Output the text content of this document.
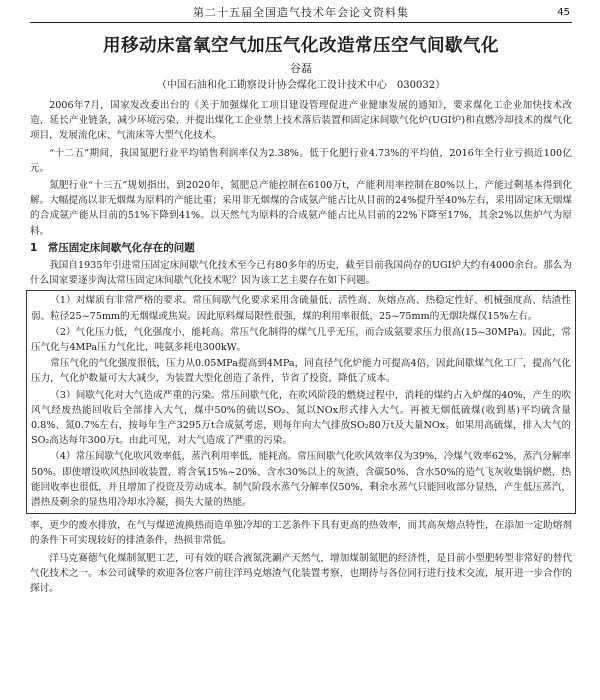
第二十五届全国造气技术年会论文资料集	45
用移动床富氧空气加压气化改造常压空气间歇气化
谷磊
（中国石油和化工勘察设计协会煤化工设计技术中心　030032）

2006年7月，国家发改委出台的《关于加强煤化工项目建设管理促进产业健康发展的通知》，要求煤化工企业加快技术改造，延长产业链条，减少环境污染，并提出煤化工企业禁上技术落后装置和固定床间歇气化炉(UGI炉)和直燃冷却技术的煤气化项目，发展流化床、气流床等大型气化技术。

“十二五”期间，我国氮肥行业平均销售利润率仅为2.38%。低于化肥行业4.73%的平均值，2016年全行业亏损近100亿元。

氮肥行业“十三五”规划指出，到2020年，氮肥总产能控制在6100万t，产能利用率控制在80%以上，产能过剩基本得到化解。大幅提高以非无烟煤为原料的产能比重；采用非无烟煤的合成氨产能占比从目前的24%提升至40%左右，采用固定床无烟煤的合成氨产能从目前的51%下降到41%。以天然气为原料的合成氨产能占比从目前的22%下降至17%，其余2%以焦炉气为原料。

1　常压固定床间歇气化存在的问题

我国自1935年引进常压固定床间歇气化技术至今已有80多年的历史，截至目前我国尚存的UGI炉大约有4000余台。那么为什么国家要逐步淘汰常压固定床间歇气化技术呢？因为该工艺主要存在如下问题。

（1）对煤质有非常严格的要求。常压间歇气化要求采用含硫量低、活性高、灰熔点高、热稳定性好、机械强度高、结渣性弱、粒径25~75mm的无烟煤或焦炭。因此原料煤局限性很强，煤的利用率很低，25~75mm的无烟块煤仅15%左右。

（2）气化压力低，气化强度小，能耗高。常压气化制得的煤气几乎无压，而合成氨要求压力很高(15~30MPa)。因此，常压气化与4MPa压力气化比，吨氨多耗电300kW。

常压气化的气化强度很低，压力从0.05MPa提高到4MPa，同直径气化炉能力可提高4倍，因此间歇煤气化工厂，提高气化压力，气化炉数量可大大减少，为装置大型化创造了条件，节省了投资，降低了成本。

（3）间歇气化对大气造成严重的污染。常压间歇气化，在吹风阶段的燃烧过程中，消耗的煤约占入炉煤的40%，产生的吹风气经废热能回收后全部排入大气，煤中50%的硫以SO₂、氮以NOx形式排入大气。再被无烟低硫煤(收到基)平均硫含量0.8%、氮0.7%左右，按每年生产3295万t合成氨考虑，则每年向大气排放SO₂80万t及大量NOx。如果用高硫煤，排入大气的SO₂高达每年300万t。由此可见，对大气造成了严重的污染。

（4）常压间歇气化吹风效率低，蒸汽利用率低，能耗高。常压间歇气化吹风效率仅为39%，冷煤气效率62%，蒸汽分解率50%。即使增设吹风热回收装置，将含氧15%~20%、含水30%以上的灰渣、含碳50%、含水50%的造气飞灰收集锅炉燃，热能回收率也很低，并且增加了投资及劳动成本。制气阶段水蒸气分解率仅50%，剩余水蒸气只能回收部分显热，产生低压蒸汽，潜热及剩余的显热用冷却水冷凝，损失大量的热能。

率，更少的废水排放，在气与煤逆流换热而造单独冷却的工艺条件下具有更高的热效率，而其高灰熔点特性，在添加一定助熔剂的条件下可实现较好的排渣条件，热损非常低。

洋马克赛德气化煤制氮肥工艺，可有效的联合液氮洗涮产天然气，增加煤制氮肥的经济性，是目前小型肥转型非常好的替代气化技术之一。本公司诚挚的欢迎各位客户前往洋玛克熔渣气化装置考察，也期待与各位同行进行技术交流，展开进一步合作的探讨。
